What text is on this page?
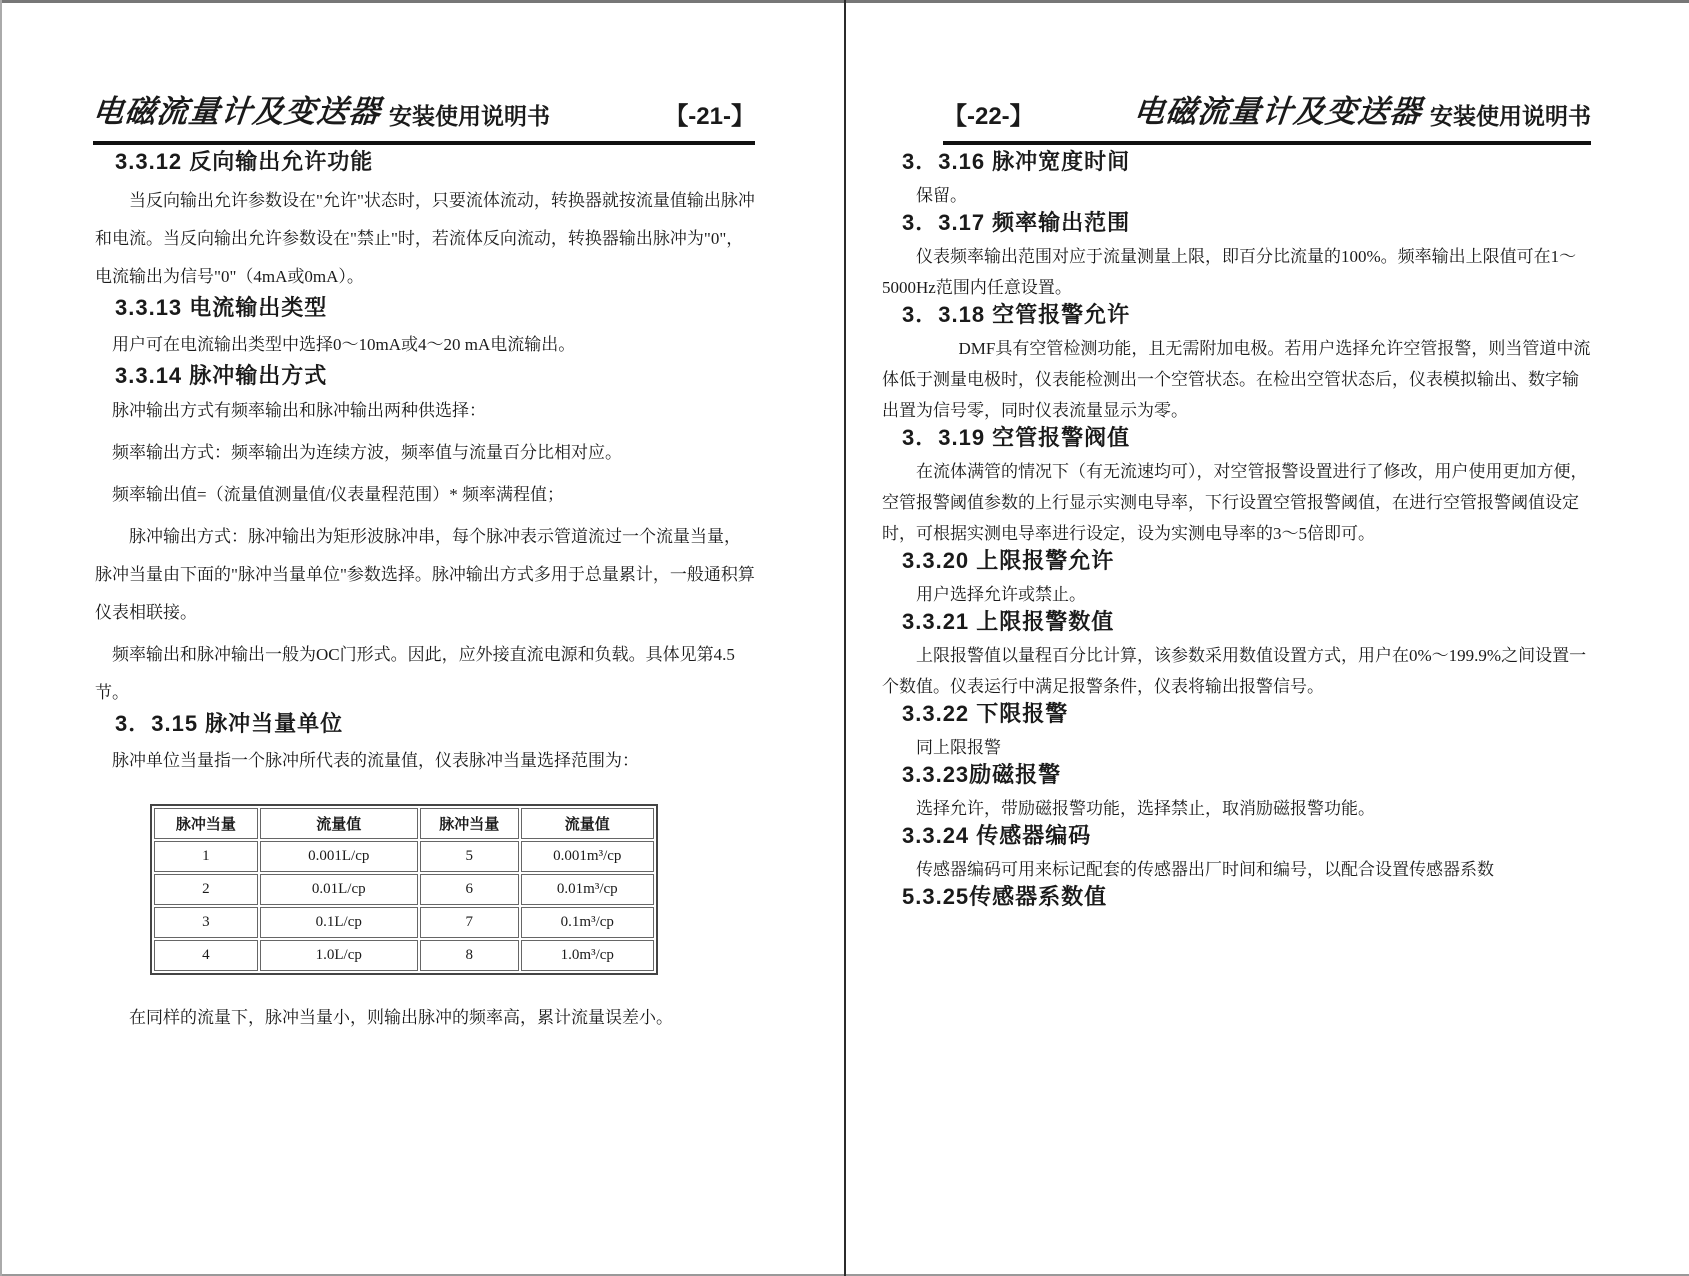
电磁流量计及变送器 安装使用说明书	【-21-】	【-22-】	电磁流量计及变送器 安装使用说明书
3.3.12 反向输出允许功能

当反向输出允许参数设在"允许"状态时，只要流体流动，转换器就按流量值输出脉冲和电流。当反向输出允许参数设在"禁止"时，若流体反向流动，转换器输出脉冲为"0"，电流输出为信号"0"（4mA或0mA）。

3.3.13 电流输出类型

用户可在电流输出类型中选择0～10mA或4～20 mA电流输出。

3.3.14 脉冲输出方式

脉冲输出方式有频率输出和脉冲输出两种供选择：

频率输出方式：频率输出为连续方波，频率值与流量百分比相对应。

频率输出值=（流量值测量值/仪表量程范围）* 频率满程值；

脉冲输出方式：脉冲输出为矩形波脉冲串，每个脉冲表示管道流过一个流量当量，脉冲当量由下面的"脉冲当量单位"参数选择。脉冲输出方式多用于总量累计，一般通积算仪表相联接。

频率输出和脉冲输出一般为OC门形式。因此，应外接直流电源和负载。具体见第4.5节。

3．3.15 脉冲当量单位

脉冲单位当量指一个脉冲所代表的流量值，仪表脉冲当量选择范围为：

脉冲当量	流量值	脉冲当量	流量值
1	0.001L/cp	5	0.001m³/cp
2	0.01L/cp	6	0.01m³/cp
3	0.1L/cp	7	0.1m³/cp
4	1.0L/cp	8	1.0m³/cp

在同样的流量下，脉冲当量小，则输出脉冲的频率高，累计流量误差小。

3．3.16 脉冲宽度时间

保留。

3．3.17 频率输出范围

仪表频率输出范围对应于流量测量上限，即百分比流量的100%。频率输出上限值可在1～5000Hz范围内任意设置。

3．3.18 空管报警允许

DMF具有空管检测功能，且无需附加电极。若用户选择允许空管报警，则当管道中流体低于测量电极时，仪表能检测出一个空管状态。在检出空管状态后，仪表模拟输出、数字输出置为信号零，同时仪表流量显示为零。

3．3.19 空管报警阀值

在流体满管的情况下（有无流速均可），对空管报警设置进行了修改，用户使用更加方便，空管报警阈值参数的上行显示实测电导率，下行设置空管报警阈值，在进行空管报警阈值设定时，可根据实测电导率进行设定，设为实测电导率的3～5倍即可。

3.3.20 上限报警允许

用户选择允许或禁止。

3.3.21 上限报警数值

上限报警值以量程百分比计算，该参数采用数值设置方式，用户在0%～199.9%之间设置一个数值。仪表运行中满足报警条件，仪表将输出报警信号。

3.3.22 下限报警

同上限报警

3.3.23励磁报警

选择允许，带励磁报警功能，选择禁止，取消励磁报警功能。

3.3.24 传感器编码

传感器编码可用来标记配套的传感器出厂时间和编号，以配合设置传感器系数

5.3.25传感器系数值
